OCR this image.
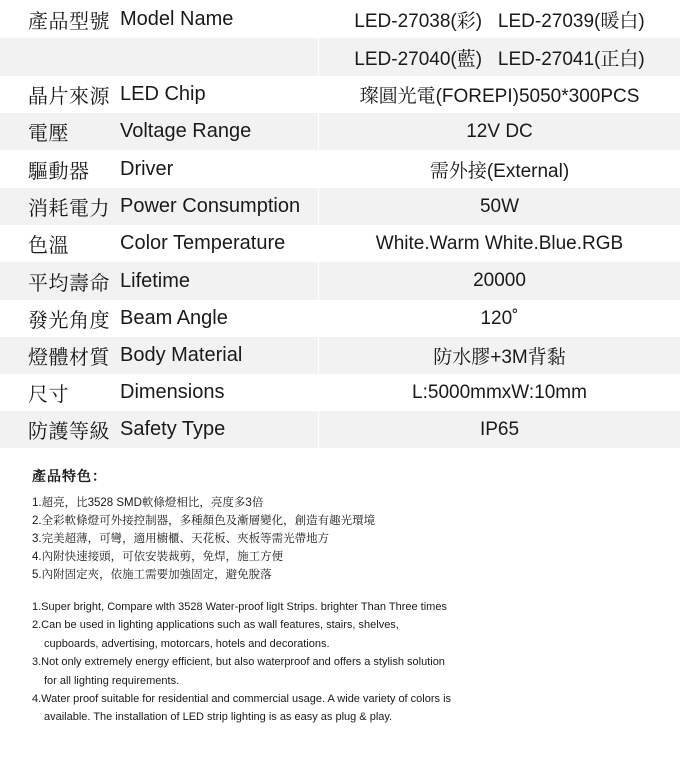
產品型號 Model Name	LED-27038(彩)   LED-27039(暖白)
LED-27040(藍)   LED-27041(正白)
晶片來源 LED Chip	璨圓光電(FOREPI)5050*300PCS
電壓	Voltage Range	12V DC
驅動器	Driver	需外接(External)
消耗電力 Power Consumption	50W
色溫	Color Temperature	White.Warm White.Blue.RGB
平均壽命 Lifetime	20000
發光角度 Beam Angle	120˚
燈體材質 Body Material	防水膠+3M背黏
尺寸	Dimensions	L:5000mmxW:10mm
防護等級 Safety Type	IP65
產品特色：
1.超亮，比3528 SMD軟條燈相比，亮度多3倍
2.全彩軟條燈可外接控制器，多種顏色及漸層變化，創造有趣光環境
3.完美超薄，可彎，適用櫥櫃、天花板、夾板等需光帶地方
4.內附快速接頭，可依安裝裁剪，免焊，施工方便
5.內附固定夾，依施工需要加強固定，避免脫落
1.Super bright, Compare wlth 3528 Water-proof ligIt Strips. brighter Than Three times
2.Can be used in lighting applications such as wall features, stairs, shelves, cupboards, advertising, motorcars, hotels and decorations.
3.Not only extremely energy efficient, but also waterproof and offers a stylish solution for all lighting requirements.
4.Water proof suitable for residential and commercial usage. A wide variety of colors is available. The installation of LED strip lighting is as easy as plug & play.
